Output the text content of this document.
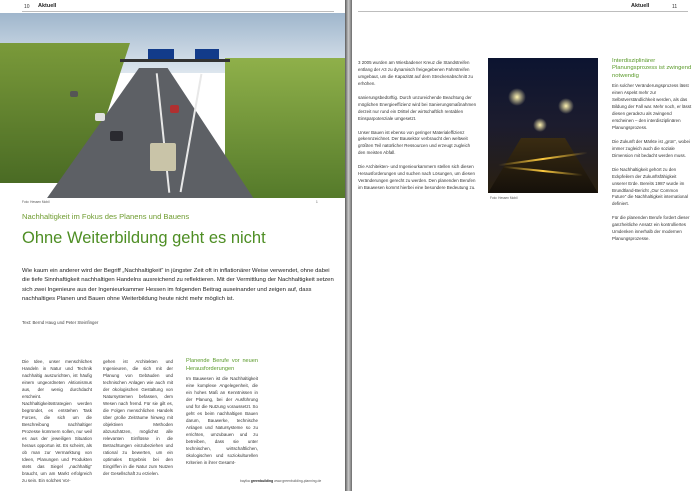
10 Aktuell
Foto: Hessen Mobil	1
Nachhaltigkeit im Fokus des Planens und Bauens
Ohne Weiterbildung geht es nicht
Wie kaum ein anderer wird der Begriff „Nachhaltigkeit“ in jüngster Zeit oft in inflationärer Weise verwendet, ohne dabei die tiefe Sinnhaftigkeit nachhaltigen Handelns ausreichend zu reflektieren. Mit der Vermittlung der Nachhaltigkeit setzen sich zwei Ingenieure aus der Ingenieurkammer Hessen im folgenden Beitrag auseinander und zeigen auf, dass nachhaltiges Planen und Bauen ohne Weiterbildung heute nicht mehr möglich ist.
Text: Bernd Haug und Peter Steinfinger

Die Idee, unser menschliches Handeln in Natur und Technik nachhaltig auszurichten, ist häufig einem ungeordneten Aktionismus aus, der wenig durchdacht erscheint. Nachhaltigkeitsstrategien werden begründet, es entstehen Task Forces, die sich um die Beschreibung nachhaltiger Prozesse kümmern sollen, nur weil es aus der jeweiligen Situation heraus opportun ist. Es scheint, als ob man zur Vermarktung von Ideen, Planungen und Produkten stets das Siegel „nachhaltig“ braucht, um am Markt erfolgreich zu sein. Ein solches Vor-

gehen ist Architekten und Ingenieuren, die sich mit der Planung von Gebäuden und technischen Anlagen wie auch mit der ökologischen Gestaltung von Natursystemen befassen, dem Wesen nach fremd. Für sie gilt es, die Folgen menschlichen Handels über große Zeiträume hinweg mit objektiven Methoden abzuschätzen, möglichst alle relevanten Einflüsse in die Betrachtungen einzubeziehen und rational zu bewerten, um ein optimales Ergebnis bei den Eingriffen in die Natur zum Nutzen der Gesellschaft zu erzielen.

Planende Berufe vor neuen Herausforderungen

Im Bauwesen ist die Nachhaltigkeit eine komplexe Angelegenheit, die ein hohes Maß an Kenntnissen in der Planung, bei der Ausführung und für die Nutzung voraussetzt. So geht es beim nachhaltigen Bauen darum, Bauwerke, technische Anlagen und Natursysteme so zu errichten, umzubauen und zu betreiben, dass sie unter technischen, wirtschaftlichen, ökologischen und soziokulturellen Kriterien in ihrer Gesamt-

bayika greenbuilding www.greenbuilding-planning.de
Aktuell	11

3 2005 wurden am Wiesbadener Kreuz die Standstreifen entlang der A3 zu dynamisch freigegebenen Fahrstreifen umgebaut, um die Kapazität auf dem Streckenabschnitt zu erhöhen.

sanierungsbedürftig. Durch unzureichende Beachtung der möglichen Energieeffizienz wird bei Sanierungsmaßnahmen derzeit nur rund ein Drittel der wirtschaftlich rentablen Einsparpotenziale umgesetzt.

Unser Bauen ist ebenso von geringer Materialeffizienz gekennzeichnet. Der Bausektor verbraucht den weltweit größten Teil natürlicher Ressourcen und erzeugt zugleich den meisten Abfall.

Die Architekten- und Ingenieurkammern stellen sich diesen Herausforderungen und suchen nach Lösungen, um diesen Veränderungen gerecht zu werden. Den planenden Berufen im Bauwesen kommt hierbei eine besondere Bedeutung zu.

Foto: Hessen Mobil
Interdisziplinärer Planungsprozess ist zwingend notwendig

Ein solcher Veränderungsprozess lässt einen Aspekt mehr zur Selbstverständlichkeit werden, als das Bildung der Fall war. Mehr noch, er lässt diesen geradezu als zwingend erscheinen – den interdisziplinären Planungsprozess.

Die Zukunft der Märkte ist „grün“, wobei immer zugleich auch die soziale Dimension mit bedacht werden muss.

Die Nachhaltigkeit gehört zu den Eckpfeilern der Zukunftsfähigkeit unserer Erde. Bereits 1987 wurde im Brundtland-Bericht „Our Common Future“ die Nachhaltigkeit international definiert.

Für die planenden Berufe fordert dieser ganzheitliche Ansatz ein kontrolliertes Umdenken innerhalb der modernen Planungsprozesse.
